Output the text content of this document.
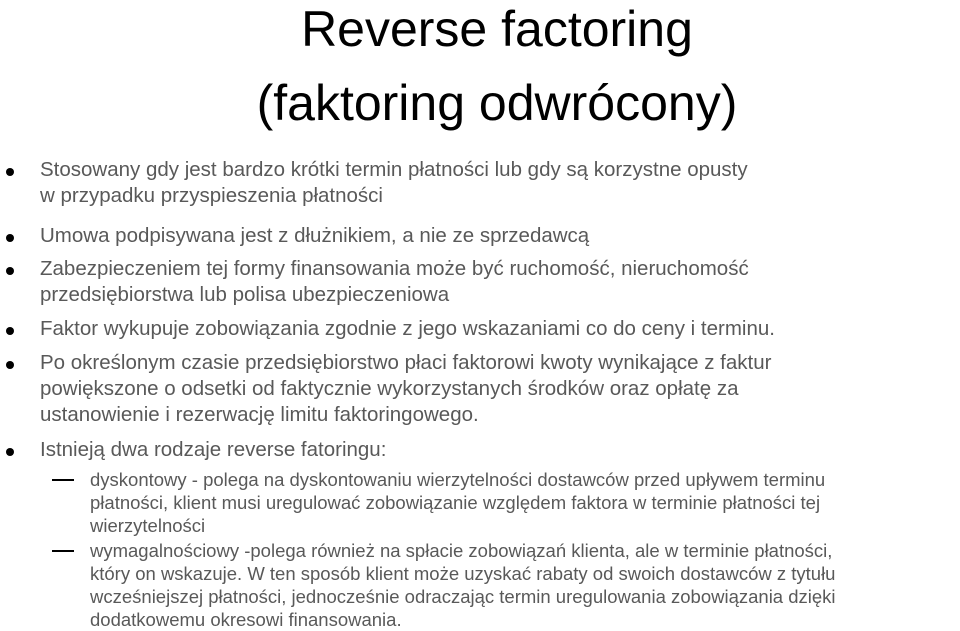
Reverse factoring
(faktoring odwrócony)
Stosowany gdy jest bardzo krótki termin płatności lub gdy są korzystne opusty
w przypadku przyspieszenia płatności
Umowa podpisywana jest z dłużnikiem, a nie ze sprzedawcą
Zabezpieczeniem tej formy finansowania może być ruchomość, nieruchomość
przedsiębiorstwa lub polisa ubezpieczeniowa
Faktor wykupuje zobowiązania zgodnie z jego wskazaniami co do ceny i terminu.
Po określonym czasie przedsiębiorstwo płaci faktorowi kwoty wynikające z faktur
powiększone o odsetki od faktycznie wykorzystanych środków oraz opłatę za
ustanowienie i rezerwację limitu faktoringowego.
Istnieją dwa rodzaje reverse fatoringu:
dyskontowy - polega na dyskontowaniu wierzytelności dostawców przed upływem terminu
płatności, klient musi uregulować zobowiązanie względem faktora w terminie płatności tej
wierzytelności
wymagalnościowy -polega również na spłacie zobowiązań klienta, ale w terminie płatności,
który on wskazuje. W ten sposób klient może uzyskać rabaty od swoich dostawców z tytułu
wcześniejszej płatności, jednocześnie odraczając termin uregulowania zobowiązania dzięki
dodatkowemu okresowi finansowania.
